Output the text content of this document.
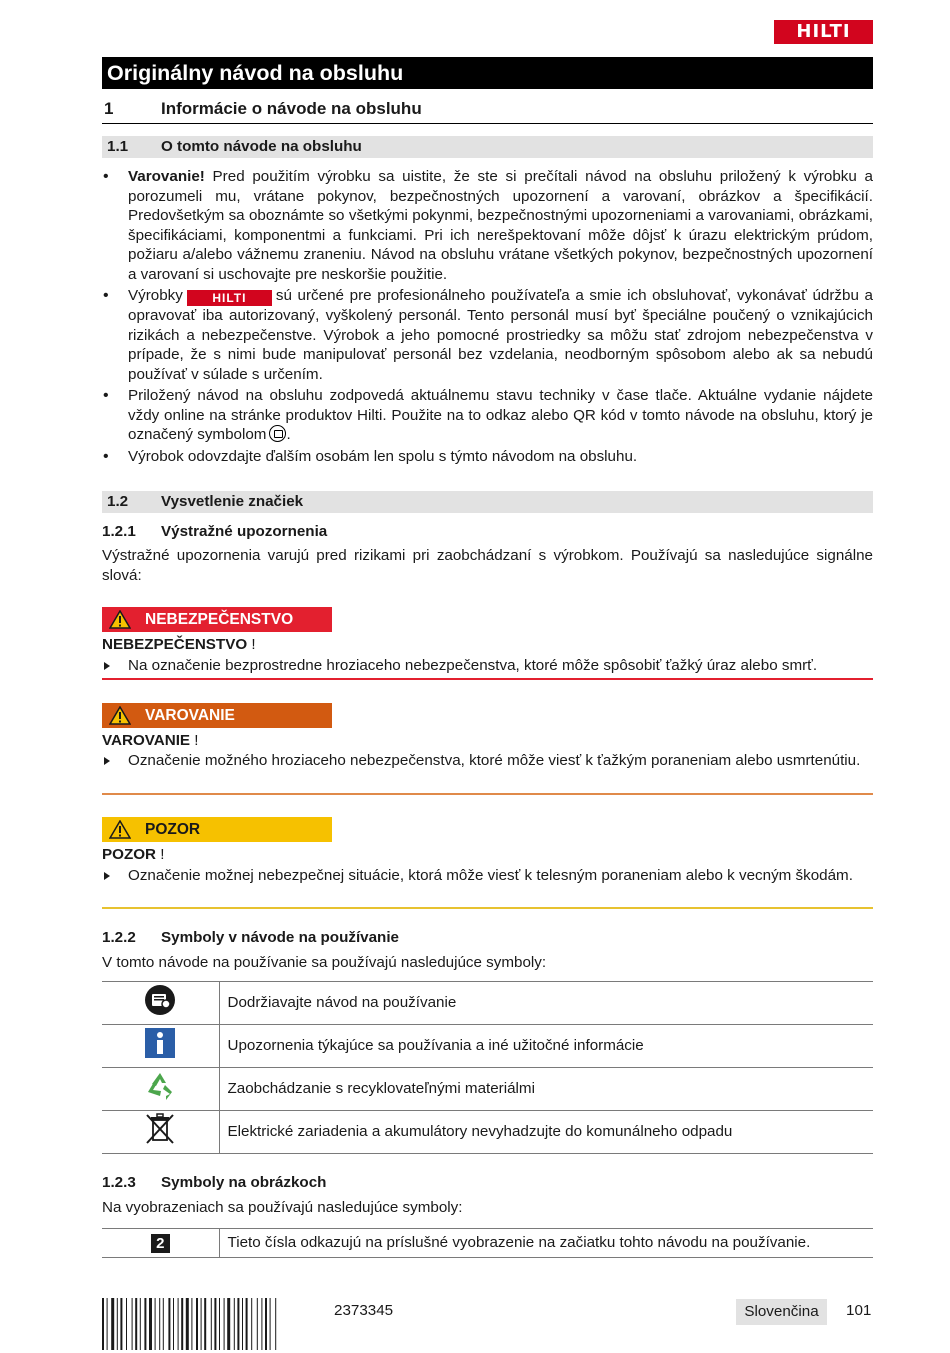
HILTI
Originálny návod na obsluhu
1	Informácie o návode na obsluhu
1.1 O tomto návode na obsluhu
• Varovanie! Pred použitím výrobku sa uistite, že ste si prečítali návod na obsluhu priložený k výrobku a porozumeli mu, vrátane pokynov, bezpečnostných upozornení a varovaní, obrázkov a špecifikácií. Predovšetkým sa oboznámte so všetkými pokynmi, bezpečnostnými upozorneniami a varovaniami, obrázkami, špecifikáciami, komponentmi a funkciami. Pri ich nerešpektovaní môže dôjsť k úrazu elektrickým prúdom, požiaru a/alebo vážnemu zraneniu. Návod na obsluhu vrátane všetkých pokynov, bezpečnostných upozornení a varovaní si uschovajte pre neskoršie použitie.
• Výrobky HILTI sú určené pre profesionálneho používateľa a smie ich obsluhovať, vykonávať údržbu a opravovať iba autorizovaný, vyškolený personál. Tento personál musí byť špeciálne poučený o vznikajúcich rizikách a nebezpečenstve. Výrobok a jeho pomocné prostriedky sa môžu stať zdrojom nebezpečenstva v prípade, že s nimi bude manipulovať personál bez vzdelania, neodborným spôsobom alebo ak sa nebudú používať v súlade s určením.
• Priložený návod na obsluhu zodpovedá aktuálnemu stavu techniky v čase tlače. Aktuálne vydanie nájdete vždy online na stránke produktov Hilti. Použite na to odkaz alebo QR kód v tomto návode na obsluhu, ktorý je označený symbolom .
• Výrobok odovzdajte ďalším osobám len spolu s týmto návodom na obsluhu.
1.2 Vysvetlenie značiek
1.2.1 Výstražné upozornenia
Výstražné upozornenia varujú pred rizikami pri zaobchádzaní s výrobkom. Používajú sa nasledujúce signálne slová:
NEBEZPEČENSTVO
NEBEZPEČENSTVO !
Na označenie bezprostredne hroziaceho nebezpečenstva, ktoré môže spôsobiť ťažký úraz alebo smrť.
VAROVANIE
VAROVANIE !
Označenie možného hroziaceho nebezpečenstva, ktoré môže viesť k ťažkým poraneniam alebo usmrtenútiu.
POZOR
POZOR !
Označenie možnej nebezpečnej situácie, ktorá môže viesť k telesným poraneniam alebo k vecným škodám.
1.2.2 Symboly v návode na používanie
V tomto návode na používanie sa používajú nasledujúce symboly:
	Dodržiavajte návod na používanie
	Upozornenia týkajúce sa používania a iné užitočné informácie
	Zaobchádzanie s recyklovateľnými materiálmi
	Elektrické zariadenia a akumulátory nevyhadzujte do komunálneho odpadu
1.2.3 Symboly na obrázkoch
Na vyobrazeniach sa používajú nasledujúce symboly:
2	Tieto čísla odkazujú na príslušné vyobrazenie na začiatku tohto návodu na používanie.
2373345	Slovenčina	101
